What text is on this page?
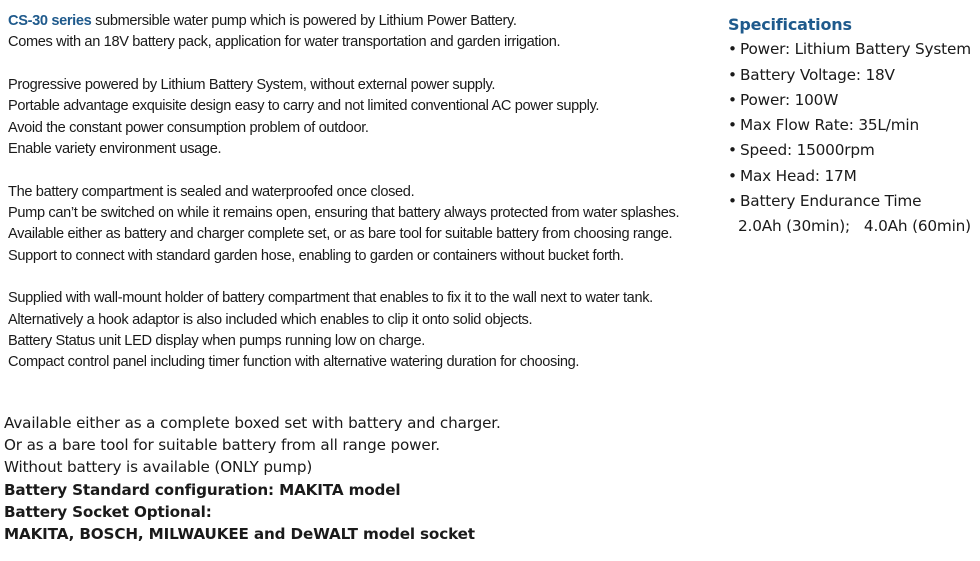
CS-30 series submersible water pump which is powered by Lithium Power Battery.
Comes with an 18V battery pack, application for water transportation and garden irrigation.
Progressive powered by Lithium Battery System, without external power supply.
Portable advantage exquisite design easy to carry and not limited conventional AC power supply.
Avoid the constant power consumption problem of outdoor.
Enable variety environment usage.
The battery compartment is sealed and waterproofed once closed.
Pump can’t be switched on while it remains open, ensuring that battery always protected from water splashes.
Available either as battery and charger complete set, or as bare tool for suitable battery from choosing range.
Support to connect with standard garden hose, enabling to garden or containers without bucket forth.
Supplied with wall-mount holder of battery compartment that enables to fix it to the wall next to water tank.
Alternatively a hook adaptor is also included which enables to clip it onto solid objects.
Battery Status unit LED display when pumps running low on charge.
Compact control panel including timer function with alternative watering duration for choosing.
Specifications
• Power: Lithium Battery System
• Battery Voltage: 18V
• Power: 100W
• Max Flow Rate: 35L/min
• Speed: 15000rpm
• Max Head: 17M
• Battery Endurance Time
2.0Ah (30min);   4.0Ah (60min)
Available either as a complete boxed set with battery and charger.
Or as a bare tool for suitable battery from all range power.
Without battery is available (ONLY pump)
Battery Standard configuration: MAKITA model
Battery Socket Optional:
MAKITA, BOSCH, MILWAUKEE and DeWALT model socket
